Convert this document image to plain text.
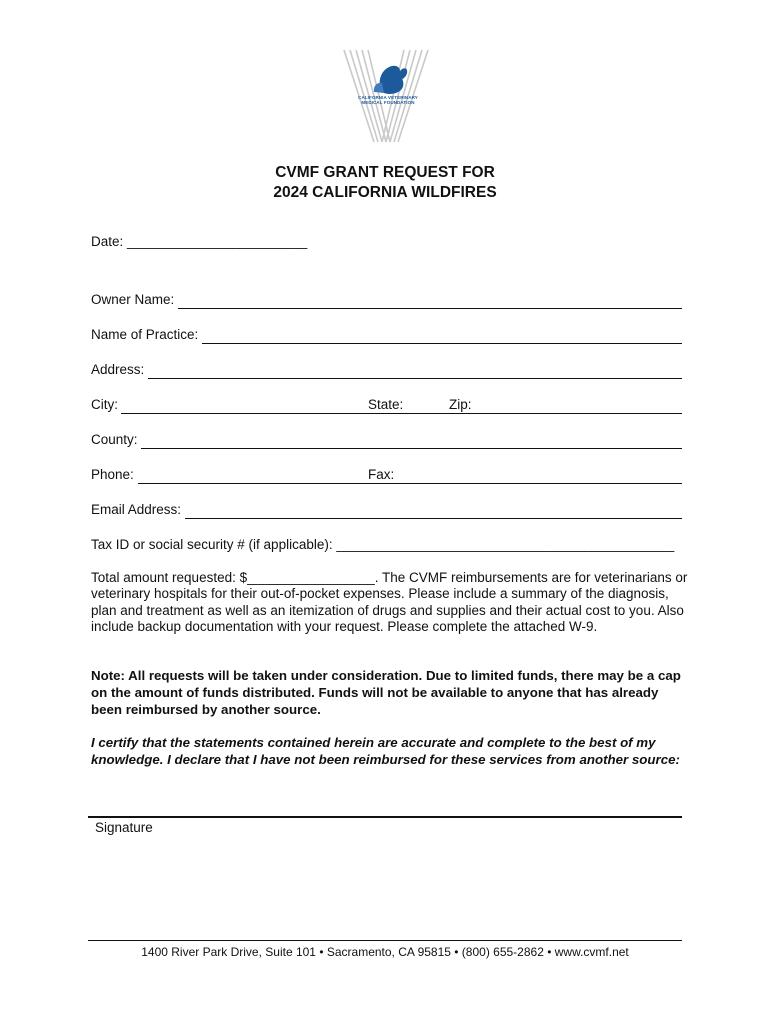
CALIFORNIA VETERINARY
MEDICAL FOUNDATION
CVMF GRANT REQUEST FOR
2024 CALIFORNIA WILDFIRES
Date: ________________________
Owner Name:
Name of Practice:
Address:
City:	State:	Zip:
County:
Phone:	Fax:
Email Address:
Tax ID or social security # (if applicable): _____________________________________________
Total amount requested: $_________________. The CVMF reimbursements are for veterinarians or veterinary hospitals for their out-of-pocket expenses. Please include a summary of the diagnosis, plan and treatment as well as an itemization of drugs and supplies and their actual cost to you. Also include backup documentation with your request. Please complete the attached W-9.
Note: All requests will be taken under consideration. Due to limited funds, there may be a cap on the amount of funds distributed. Funds will not be available to anyone that has already been reimbursed by another source.
I certify that the statements contained herein are accurate and complete to the best of my knowledge. I declare that I have not been reimbursed for these services from another source:
Signature
1400 River Park Drive, Suite 101 • Sacramento, CA 95815 • (800) 655-2862 • www.cvmf.net
